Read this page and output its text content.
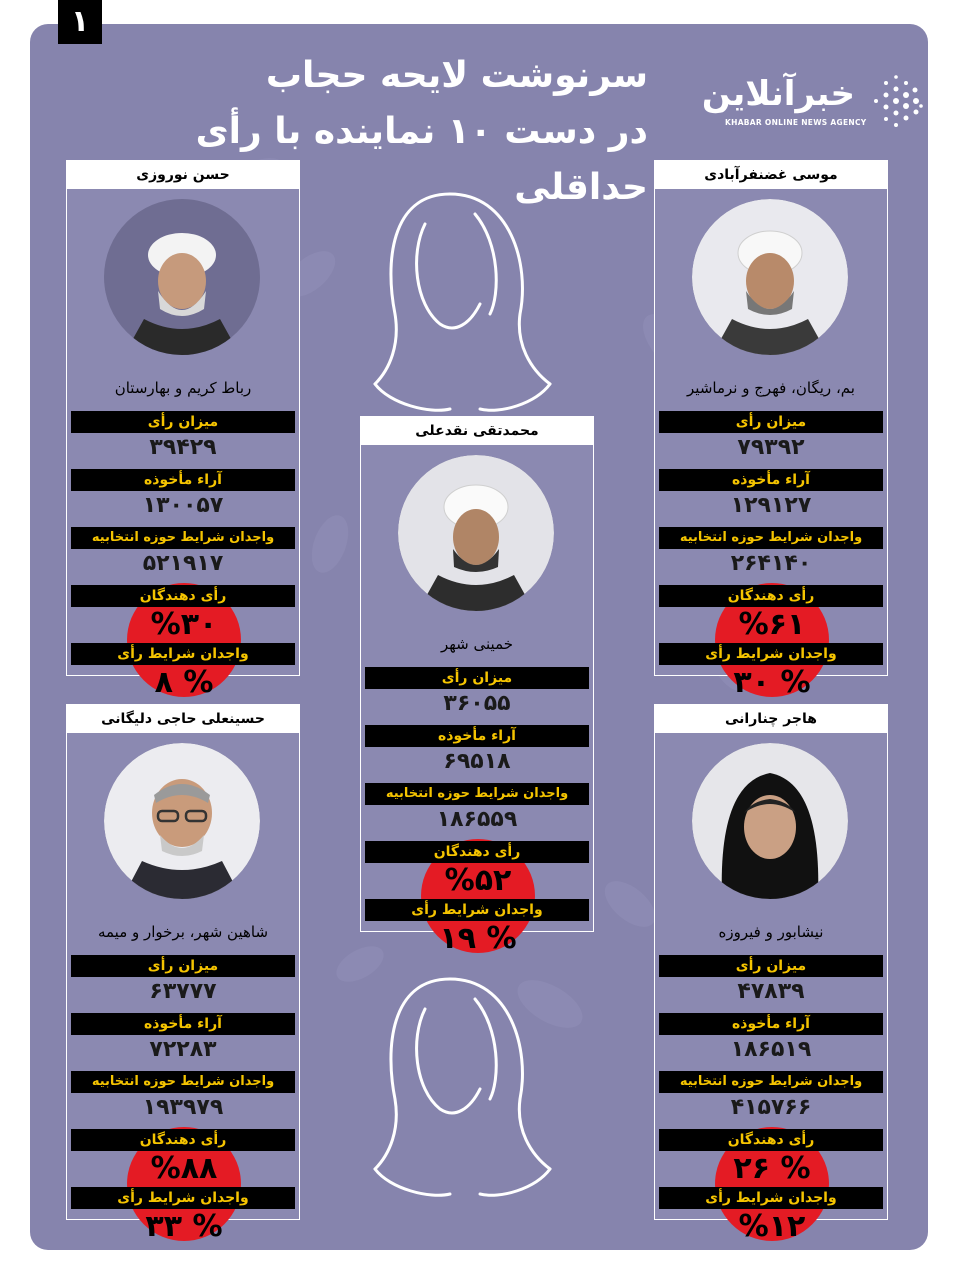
۱
سرنوشت لایحه حجاب
در دست ۱۰ نماینده با رأی حداقلی
خبرآنلاین
KHABAR ONLINE NEWS AGENCY
حسن نوروزی
رباط کریم و بهارستان
میزان رأی
۳۹۴۲۹
آراء مأخوذه
۱۳۰۰۵۷
واجدان شرایط حوزه انتخابیه
۵۲۱۹۱۷
رأی دهندگان
%۳۰
واجدان شرایط رأی
% ۸
موسی غضنفرآبادی
بم، ریگان، فهرج و نرماشیر
میزان رأی
۷۹۳۹۲
آراء مأخوذه
۱۲۹۱۲۷
واجدان شرایط حوزه انتخابیه
۲۶۴۱۴۰
رأی دهندگان
%۶۱
واجدان شرایط رأی
% ۳۰
محمدتقی نقدعلی
خمینی شهر
میزان رأی
۳۶۰۵۵
آراء مأخوذه
۶۹۵۱۸
واجدان شرایط حوزه انتخابیه
۱۸۶۵۵۹
رأی دهندگان
%۵۲
واجدان شرایط رأی
% ۱۹
حسینعلی حاجی دلیگانی
شاهین شهر، برخوار و میمه
میزان رأی
۶۳۷۷۷
آراء مأخوذه
۷۲۲۸۳
واجدان شرایط حوزه انتخابیه
۱۹۳۹۷۹
رأی دهندگان
%۸۸
واجدان شرایط رأی
% ۳۳
هاجر چنارانی
نیشابور و فیروزه
میزان رأی
۴۷۸۳۹
آراء مأخوذه
۱۸۶۵۱۹
واجدان شرایط حوزه انتخابیه
۴۱۵۷۶۶
رأی دهندگان
% ۲۶
واجدان شرایط رأی
%۱۲
